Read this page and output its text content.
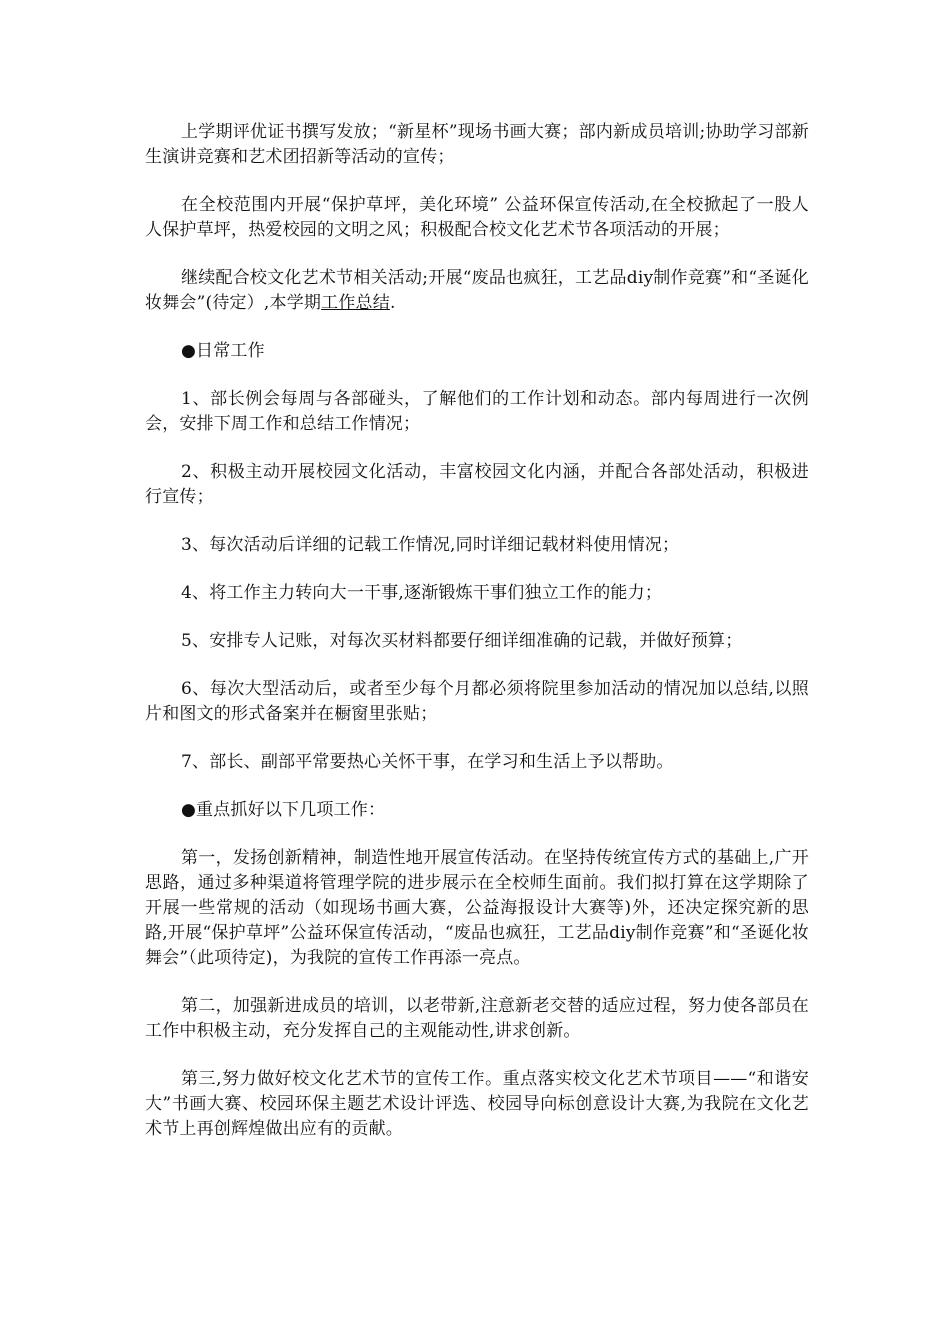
上学期评优证书撰写发放；“新星杯”现场书画大赛；部内新成员培训;协助学习部新生演讲竞赛和艺术团招新等活动的宣传；

在全校范围内开展“保护草坪，美化环境” 公益环保宣传活动,在全校掀起了一股人人保护草坪，热爱校园的文明之风；积极配合校文化艺术节各项活动的开展；

继续配合校文化艺术节相关活动;开展“废品也疯狂，工艺品diy制作竞赛”和“圣诞化妆舞会”(待定）,本学期工作总结.

●日常工作

1、部长例会每周与各部碰头，了解他们的工作计划和动态。部内每周进行一次例会，安排下周工作和总结工作情况；

2、积极主动开展校园文化活动，丰富校园文化内涵，并配合各部处活动，积极进行宣传；

3、每次活动后详细的记载工作情况,同时详细记载材料使用情况；

4、将工作主力转向大一干事,逐渐锻炼干事们独立工作的能力；

5、安排专人记账，对每次买材料都要仔细详细准确的记载，并做好预算；

6、每次大型活动后，或者至少每个月都必须将院里参加活动的情况加以总结,以照片和图文的形式备案并在橱窗里张贴；

7、部长、副部平常要热心关怀干事，在学习和生活上予以帮助。

●重点抓好以下几项工作：

第一，发扬创新精神，制造性地开展宣传活动。在坚持传统宣传方式的基础上,广开思路，通过多种渠道将管理学院的进步展示在全校师生面前。我们拟打算在这学期除了开展一些常规的活动（如现场书画大赛，公益海报设计大赛等)外，还决定探究新的思路,开展“保护草坪”公益环保宣传活动，“废品也疯狂，工艺品diy制作竞赛”和“圣诞化妆舞会”（此项待定)，为我院的宣传工作再添一亮点。

第二，加强新进成员的培训，以老带新,注意新老交替的适应过程，努力使各部员在工作中积极主动，充分发挥自己的主观能动性,讲求创新。

第三,努力做好校文化艺术节的宣传工作。重点落实校文化艺术节项目——“和谐安大”书画大赛、校园环保主题艺术设计评选、校园导向标创意设计大赛,为我院在文化艺术节上再创辉煌做出应有的贡献。
